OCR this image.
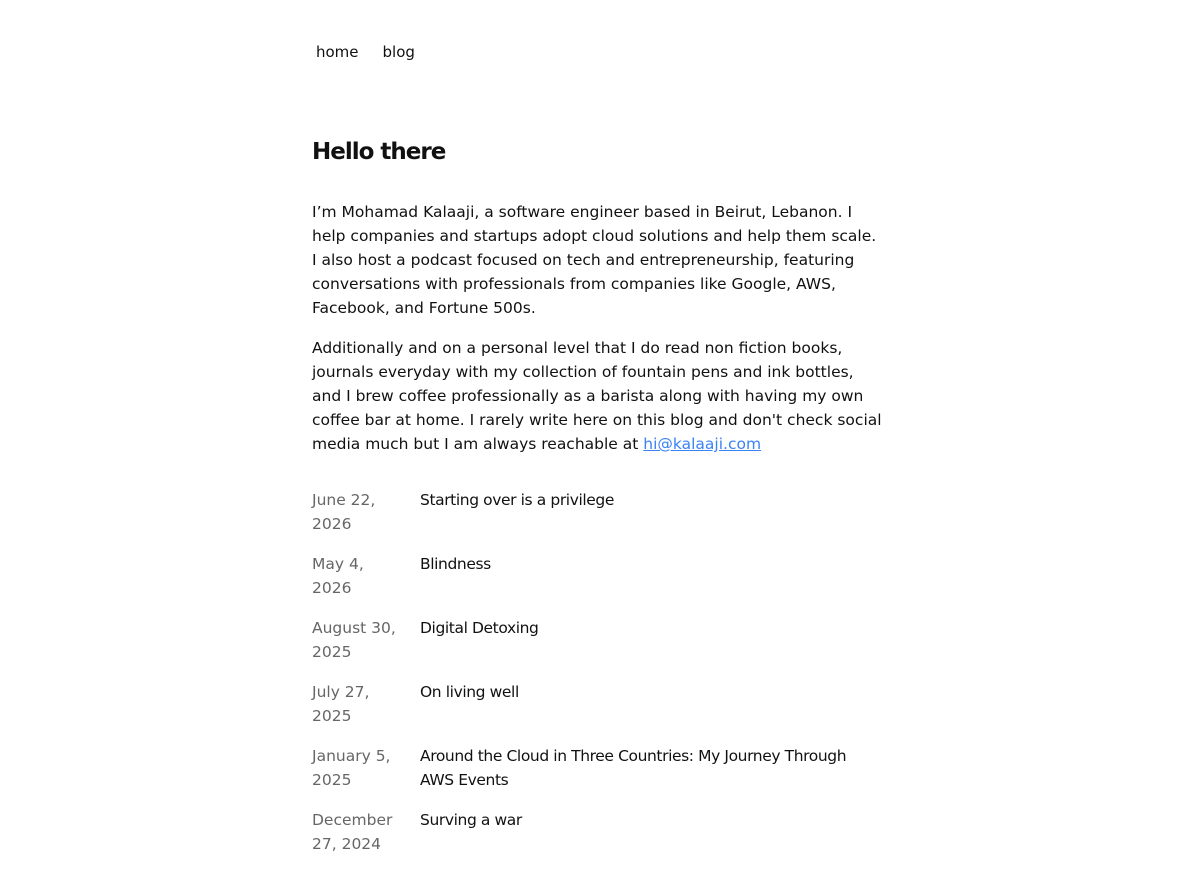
home blog
Hello there

I’m Mohamad Kalaaji, a software engineer based in Beirut, Lebanon. I help companies and startups adopt cloud solutions and help them scale. I also host a podcast focused on tech and entrepreneurship, featuring conversations with professionals from companies like Google, AWS, Facebook, and Fortune 500s.

Additionally and on a personal level that I do read non fiction books, journals everyday with my collection of fountain pens and ink bottles, and I brew coffee professionally as a barista along with having my own coffee bar at home. I rarely write here on this blog and don't check social media much but I am always reachable at hi@kalaaji.com

June 22, 2026
Starting over is a privilege
May 4, 2026
Blindness
August 30, 2025
Digital Detoxing
July 27, 2025
On living well
January 5, 2025
Around the Cloud in Three Countries: My Journey Through AWS Events
December 27, 2024
Surving a war
